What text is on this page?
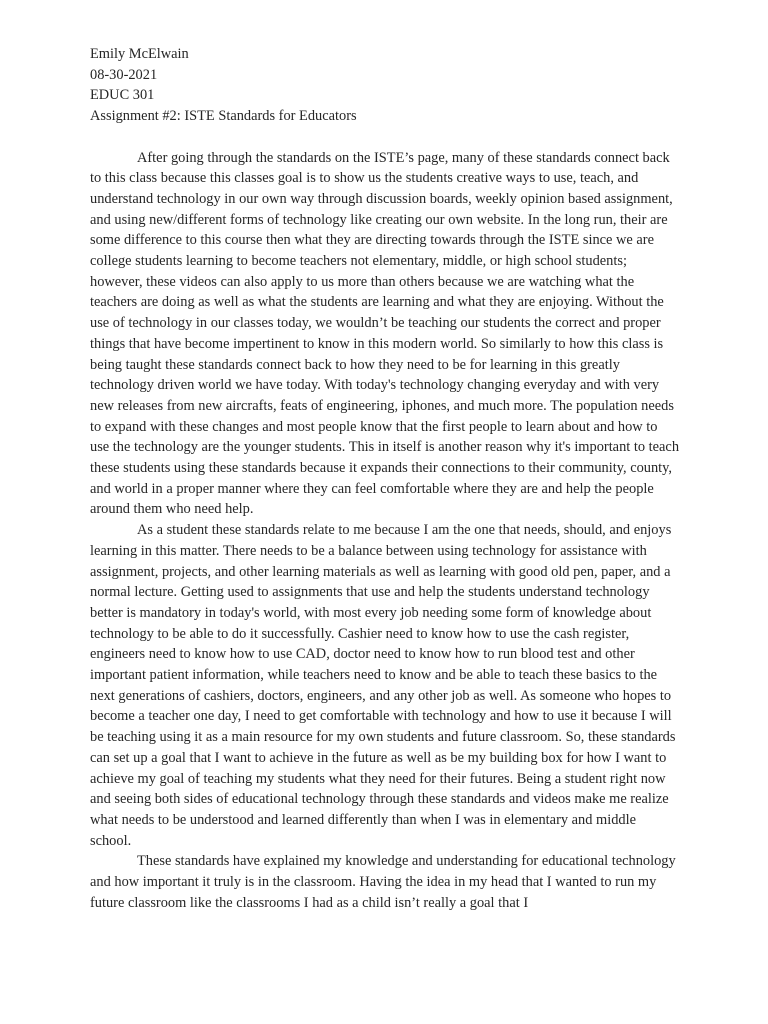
Emily McElwain

08-30-2021

EDUC 301

Assignment #2: ISTE Standards for Educators

After going through the standards on the ISTE’s page, many of these standards connect back to this class because this classes goal is to show us the students creative ways to use, teach, and understand technology in our own way through discussion boards, weekly opinion based assignment, and using new/different forms of technology like creating our own website. In the long run, their are some difference to this course then what they are directing towards through the ISTE since we are college students learning to become teachers not elementary, middle, or high school students; however, these videos can also apply to us more than others because we are watching what the teachers are doing as well as what the students are learning and what they are enjoying. Without the use of technology in our classes today, we wouldn’t be teaching our students the correct and proper things that have become impertinent to know in this modern world. So similarly to how this class is being taught these standards connect back to how they need to be for learning in this greatly technology driven world we have today. With today's technology changing everyday and with very new releases from new aircrafts, feats of engineering, iphones, and much more. The population needs to expand with these changes and most people know that the first people to learn about and how to use the technology are the younger students. This in itself is another reason why it's important to teach these students using these standards because it expands their connections to their community, county, and world in a proper manner where they can feel comfortable where they are and help the people around them who need help.

As a student these standards relate to me because I am the one that needs, should, and enjoys learning in this matter. There needs to be a balance between using technology for assistance with assignment, projects, and other learning materials as well as learning with good old pen, paper, and a normal lecture. Getting used to assignments that use and help the students understand technology better is mandatory in today's world, with most every job needing some form of knowledge about technology to be able to do it successfully. Cashier need to know how to use the cash register, engineers need to know how to use CAD, doctor need to know how to run blood test and other important patient information, while teachers need to know and be able to teach these basics to the next generations of cashiers, doctors, engineers, and any other job as well. As someone who hopes to become a teacher one day, I need to get comfortable with technology and how to use it because I will be teaching using it as a main resource for my own students and future classroom. So, these standards can set up a goal that I want to achieve in the future as well as be my building box for how I want to achieve my goal of teaching my students what they need for their futures. Being a student right now and seeing both sides of educational technology through these standards and videos make me realize what needs to be understood and learned differently than when I was in elementary and middle school.

These standards have explained my knowledge and understanding for educational technology and how important it truly is in the classroom. Having the idea in my head that I wanted to run my future classroom like the classrooms I had as a child isn’t really a goal that I
